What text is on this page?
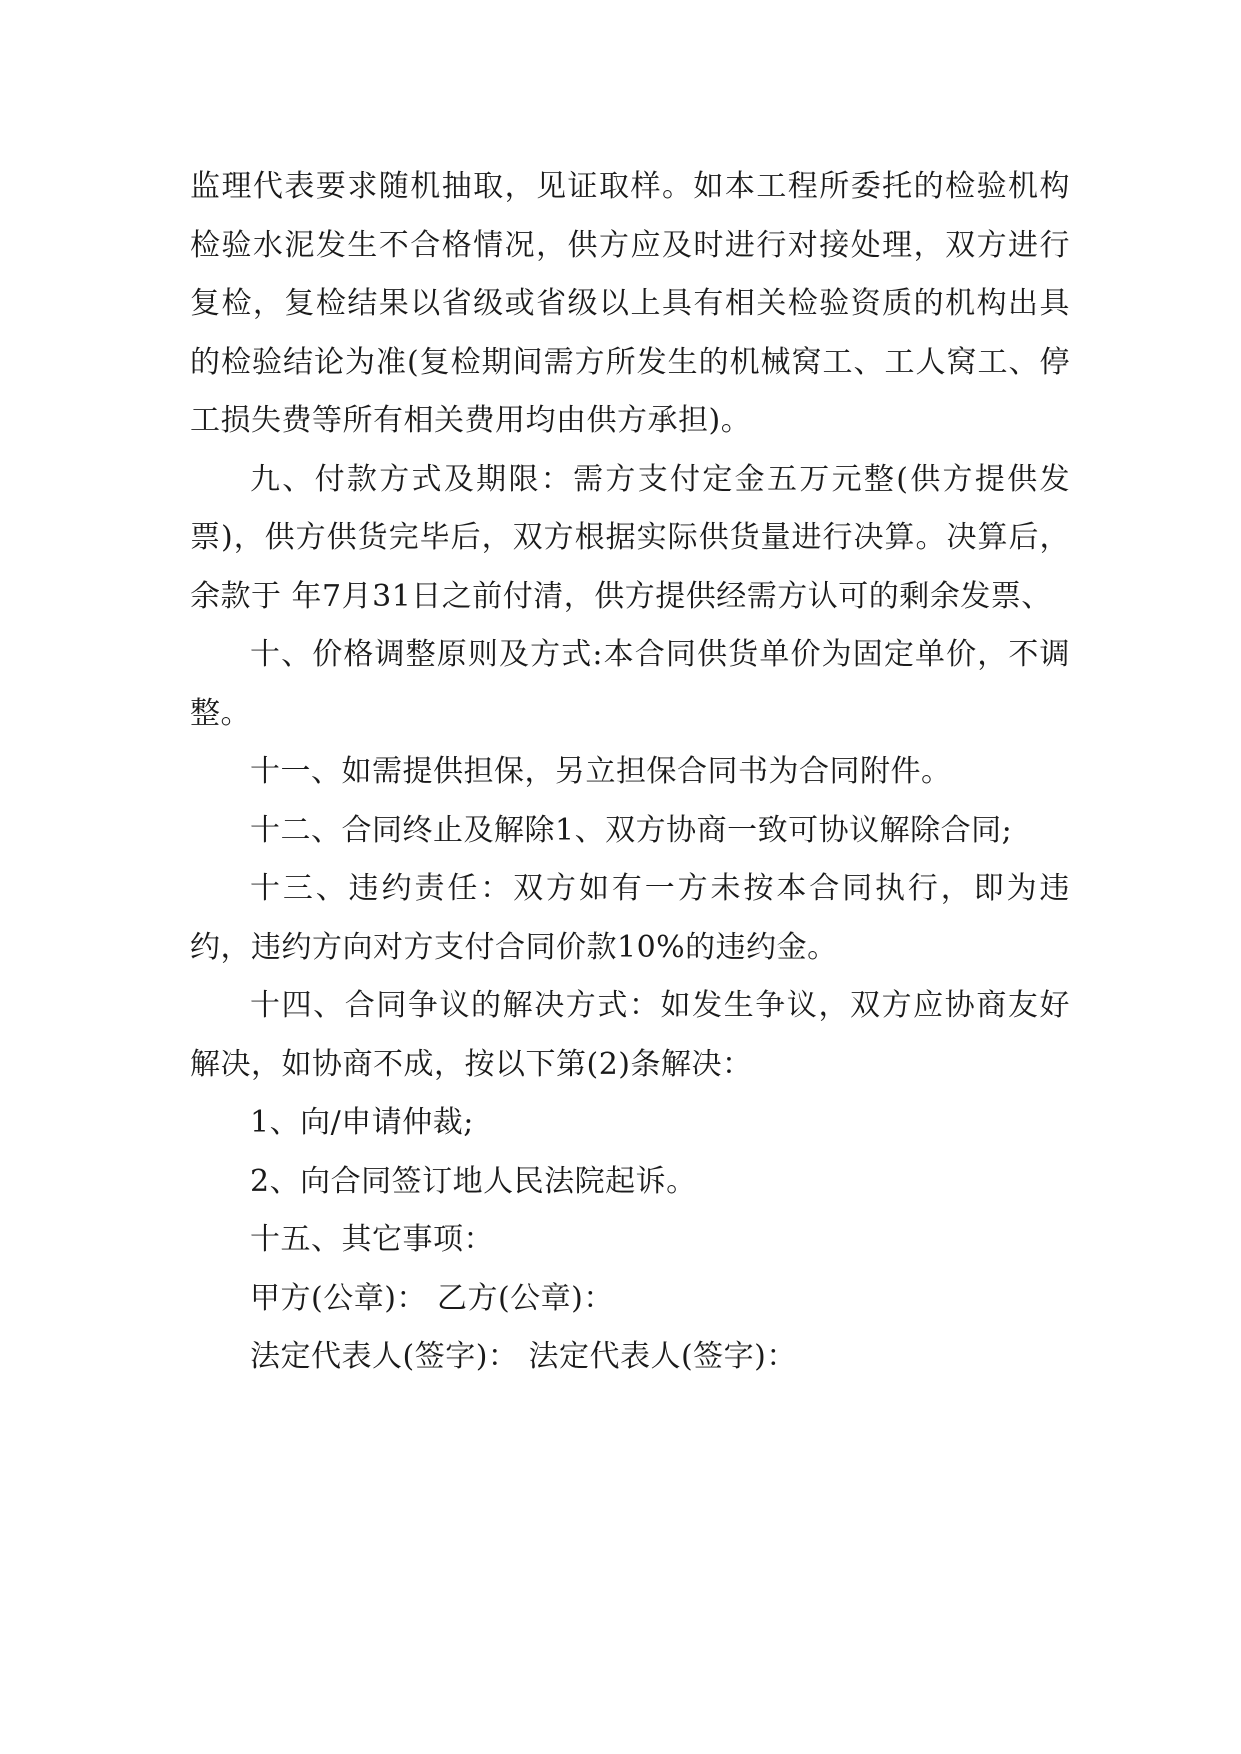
监理代表要求随机抽取，见证取样。如本工程所委托的检验机构检验水泥发生不合格情况，供方应及时进行对接处理，双方进行复检，复检结果以省级或省级以上具有相关检验资质的机构出具的检验结论为准(复检期间需方所发生的机械窝工、工人窝工、停工损失费等所有相关费用均由供方承担)。

九、付款方式及期限：需方支付定金五万元整(供方提供发票)，供方供货完毕后，双方根据实际供货量进行决算。决算后，余款于 年7月31日之前付清，供方提供经需方认可的剩余发票、

十、价格调整原则及方式:本合同供货单价为固定单价，不调整。

十一、如需提供担保，另立担保合同书为合同附件。

十二、合同终止及解除1、双方协商一致可协议解除合同;

十三、违约责任：双方如有一方未按本合同执行，即为违约，违约方向对方支付合同价款10%的违约金。

十四、合同争议的解决方式：如发生争议，双方应协商友好解决，如协商不成，按以下第(2)条解决：

1、向/申请仲裁;

2、向合同签订地人民法院起诉。

十五、其它事项：

甲方(公章)： 乙方(公章)：

法定代表人(签字)： 法定代表人(签字)：
